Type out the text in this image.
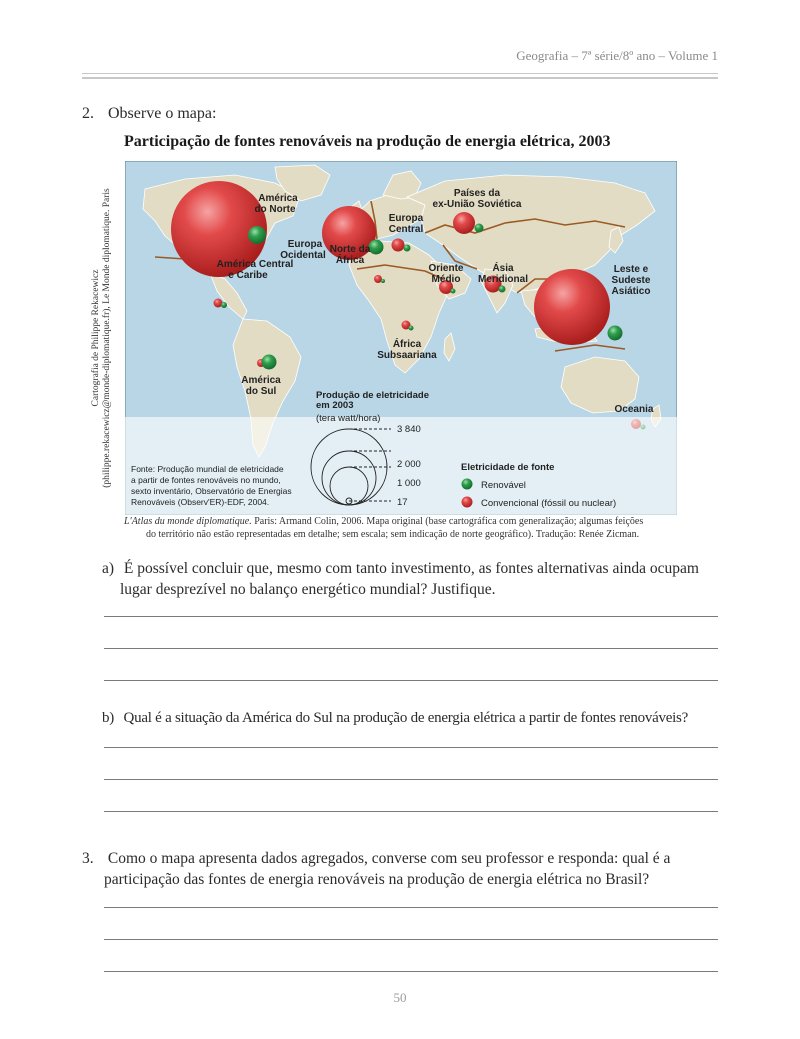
Geografia – 7ª série/8º ano – Volume 1
2. Observe o mapa:
Participação de fontes renováveis na produção de energia elétrica, 2003
Cartografia de Philippe Rekacewicz (philippe.rekacewicz@monde-diplomatique.fr), Le Monde diplomatique. Paris	América do Norte
Europa Ocidental
Europa Central
Países da ex-União Soviética
América Central e Caribe
Norte da África
Oriente Médio
Ásia Meridional
Leste e Sudeste Asiático
África Subsaariana
América do Sul
Oceania
Produção de eletricidade em 2003
(tera watt/hora)
3 840
2 000
1 000
17
Eletricidade de fonte
Renovável
Convencional (fóssil ou nuclear)
Fonte: Produção mundial de eletricidade
a partir de fontes renováveis no mundo,
sexto inventário, Observatório de Energias
Renováveis (Observ'ER)-EDF, 2004.
L'Atlas du monde diplomatique. Paris: Armand Colin, 2006. Mapa original (base cartográfica com generalização; algumas feições
do território não estão representadas em detalhe; sem escala; sem indicação de norte geográfico). Tradução: Renée Zicman.
a) É possível concluir que, mesmo com tanto investimento, as fontes alternativas ainda ocupam
lugar desprezível no balanço energético mundial? Justifique.
b) Qual é a situação da América do Sul na produção de energia elétrica a partir de fontes renováveis?
3. Como o mapa apresenta dados agregados, converse com seu professor e responda: qual é a
participação das fontes de energia renováveis na produção de energia elétrica no Brasil?
50
